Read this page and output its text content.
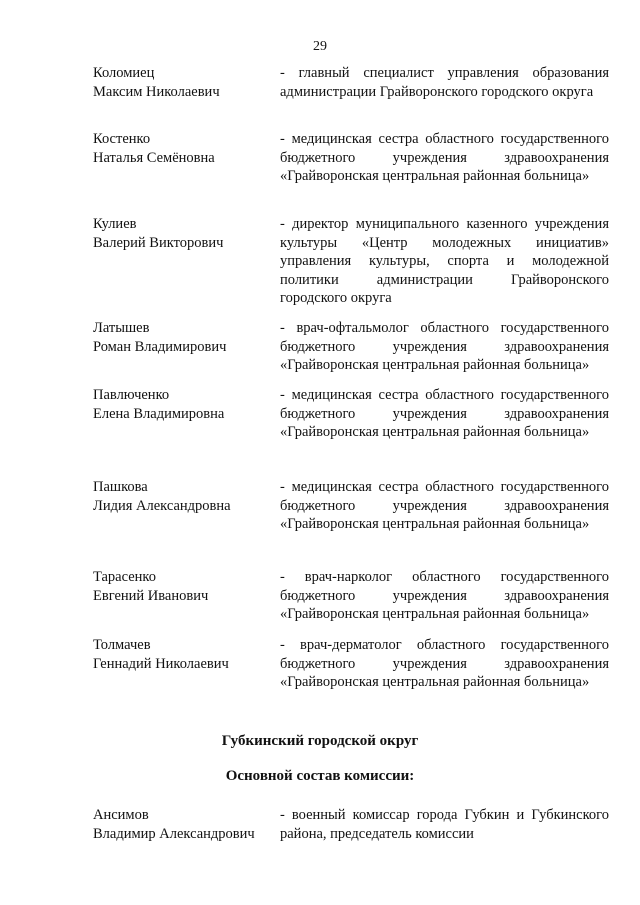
29
Коломиец
Максим Николаевич
- главный специалист управления образования администрации Грайворонского городского округа
Костенко
Наталья Семёновна
- медицинская сестра областного государственного бюджетного учреждения здравоохранения «Грайворонская центральная районная больница»
Кулиев
Валерий Викторович
- директор муниципального казенного учреждения культуры «Центр молодежных инициатив» управления культуры, спорта и молодежной политики администрации Грайворонского городского округа
Латышев
Роман Владимирович
- врач-офтальмолог областного государственного бюджетного учреждения здравоохранения «Грайворонская центральная районная больница»
Павлюченко
Елена Владимировна
- медицинская сестра областного государственного бюджетного учреждения здравоохранения «Грайворонская центральная районная больница»
Пашкова
Лидия Александровна
- медицинская сестра областного государственного бюджетного учреждения здравоохранения «Грайворонская центральная районная больница»
Тарасенко
Евгений Иванович
- врач-нарколог областного государственного бюджетного учреждения здравоохранения «Грайворонская центральная районная больница»
Толмачев
Геннадий Николаевич
- врач-дерматолог областного государственного бюджетного учреждения здравоохранения «Грайворонская центральная районная больница»
Губкинский городской округ
Основной состав комиссии:
Ансимов
Владимир Александрович
- военный комиссар города Губкин и Губкинского района, председатель комиссии
